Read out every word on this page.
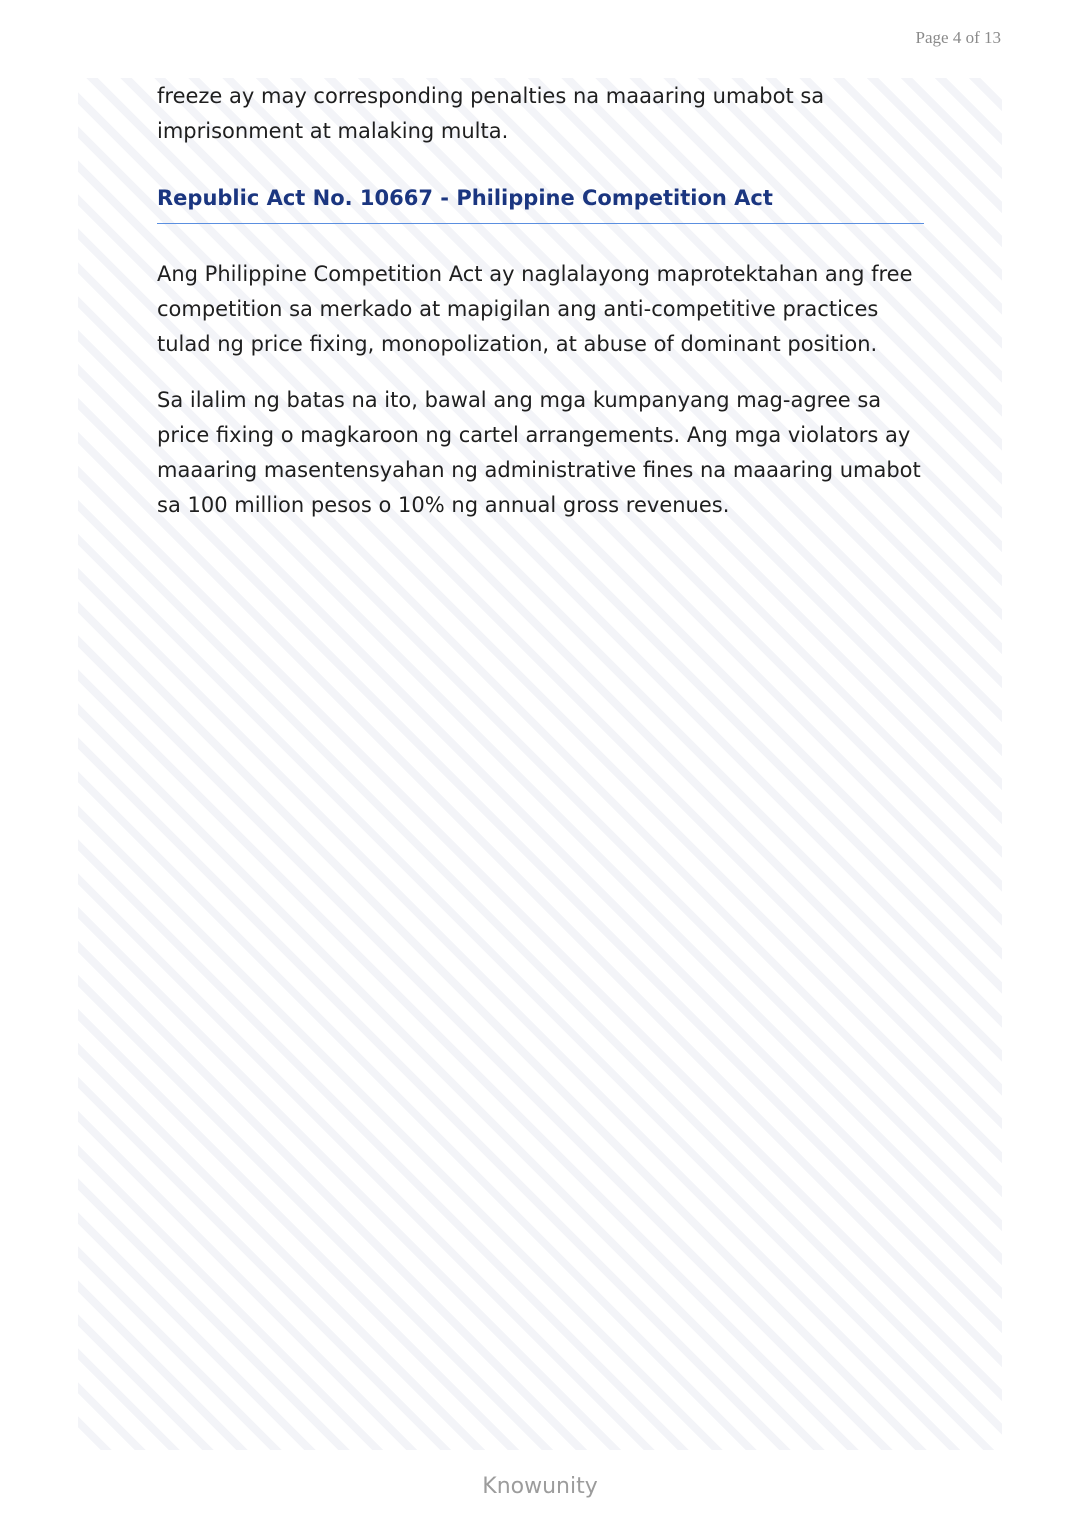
Page 4 of 13

freeze ay may corresponding penalties na maaaring umabot sa imprisonment at malaking multa.

Republic Act No. 10667 - Philippine Competition Act

Ang Philippine Competition Act ay naglalayong maprotektahan ang free competition sa merkado at mapigilan ang anti-competitive practices tulad ng price fixing, monopolization, at abuse of dominant position.

Sa ilalim ng batas na ito, bawal ang mga kumpanyang mag-agree sa price fixing o magkaroon ng cartel arrangements. Ang mga violators ay maaaring masentensyahan ng administrative fines na maaaring umabot sa 100 million pesos o 10% ng annual gross revenues.

Knowunity
